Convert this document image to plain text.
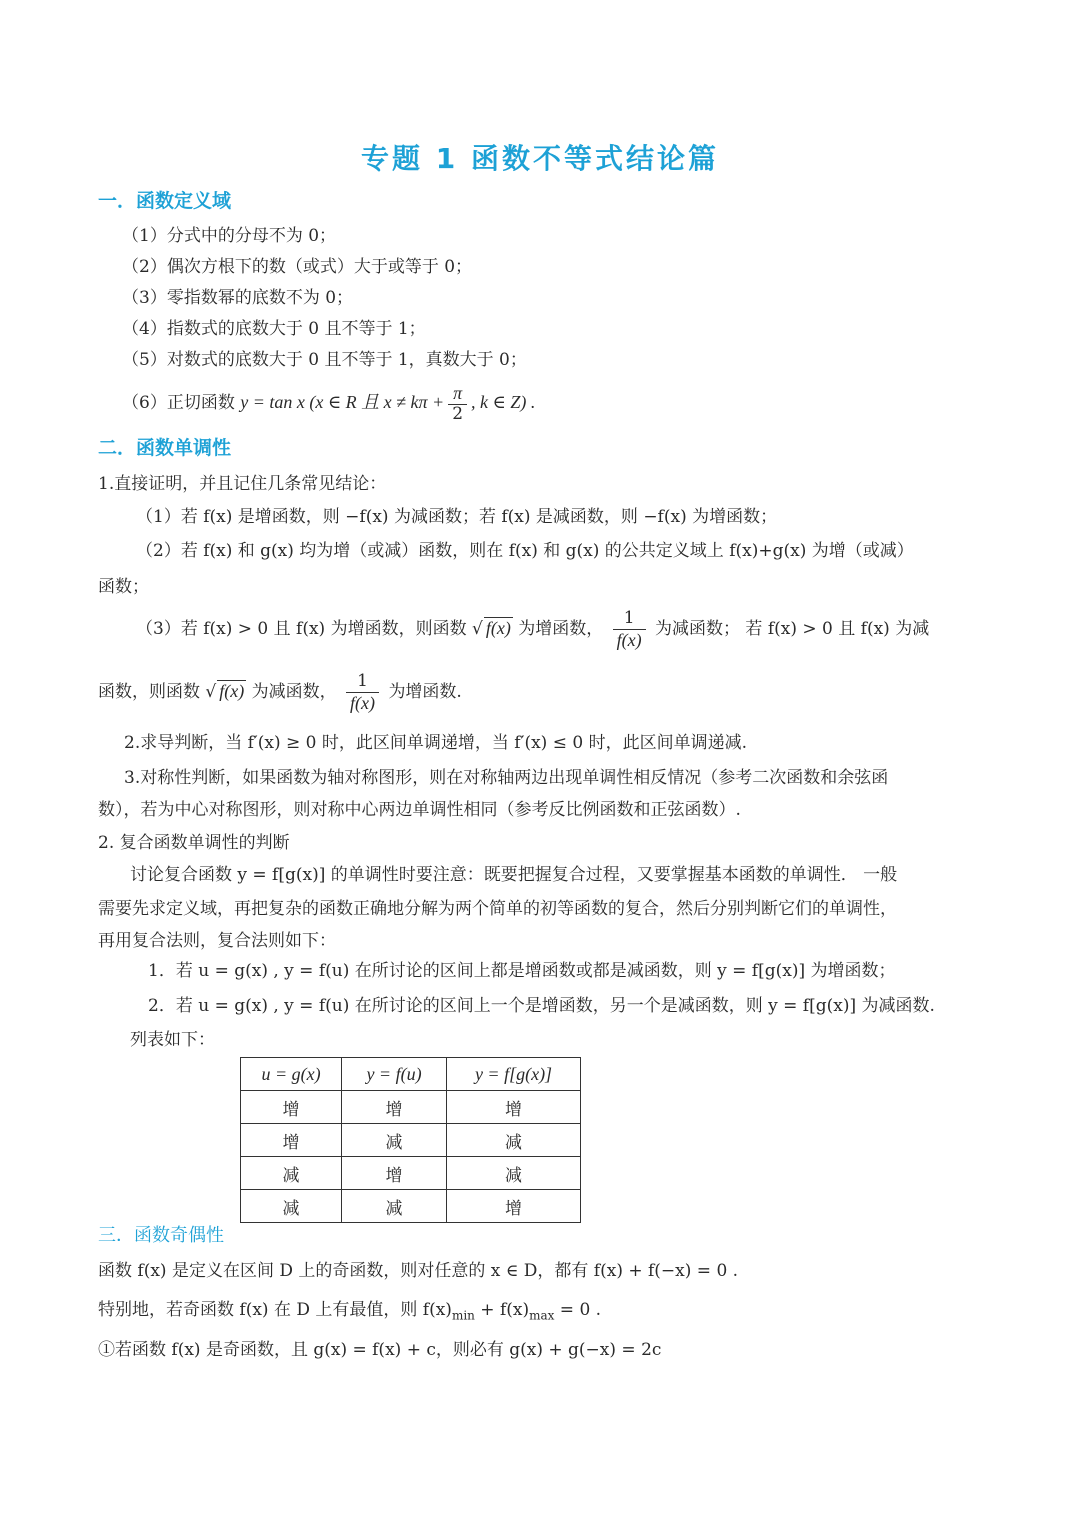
专题 1 函数不等式结论篇
一．函数定义域
（1）分式中的分母不为 0；
（2）偶次方根下的数（或式）大于或等于 0；
（3）零指数幂的底数不为 0；
（4）指数式的底数大于 0 且不等于 1；
（5）对数式的底数大于 0 且不等于 1，真数大于 0；
（6）正切函数 y = tan x (x ∈ R 且 $x \ne k\pi + \frac{\pi}{2}$ , k ∈ Z) .
二．函数单调性
1.直接证明，并且记住几条常见结论：
（1）若 f(x) 是增函数，则 −f(x) 为减函数；若 f(x) 是减函数，则 −f(x) 为增函数；
（2）若 f(x) 和 g(x) 均为增（或减）函数，则在 f(x) 和 g(x) 的公共定义域上 f(x)+g(x) 为增（或减）
函数；
（3）若 f(x) > 0 且 f(x) 为增函数，则函数 √ f(x) 为增函数， $\frac{1}{f(x)}$ 为减函数； 若 f(x) > 0 且 f(x) 为减
函数，则函数 √ f(x) 为减函数， $\frac{1}{f(x)}$ 为增函数.
2.求导判断，当 f′(x) ≥ 0 时，此区间单调递增，当 f′(x) ≤ 0 时，此区间单调递减.
3.对称性判断，如果函数为轴对称图形，则在对称轴两边出现单调性相反情况（参考二次函数和余弦函
数），若为中心对称图形，则对称中心两边单调性相同（参考反比例函数和正弦函数）.
2. 复合函数单调性的判断
讨论复合函数 y = f[g(x)] 的单调性时要注意：既要把握复合过程，又要掌握基本函数的单调性． 一般
需要先求定义域，再把复杂的函数正确地分解为两个简单的初等函数的复合，然后分别判断它们的单调性，
再用复合法则，复合法则如下：
1．若 u = g(x) , y = f(u) 在所讨论的区间上都是增函数或都是减函数，则 y = f[g(x)] 为增函数；
2．若 u = g(x) , y = f(u) 在所讨论的区间上一个是增函数，另一个是减函数，则 y = f[g(x)] 为减函数.
列表如下：
u = g(x)	y = f(u)	y = f[g(x)]
增	增	增
增	减	减
减	增	减
减	减	增
三．函数奇偶性
函数 f(x) 是定义在区间 D 上的奇函数，则对任意的 x ∈ D，都有 f(x) + f(−x) = 0 .
特别地，若奇函数 f(x) 在 D 上有最值，则 $f(x)_{min} + f(x)_{max} = 0$ .
①若函数 f(x) 是奇函数，且 g(x) = f(x) + c，则必有 g(x) + g(−x) = 2c
